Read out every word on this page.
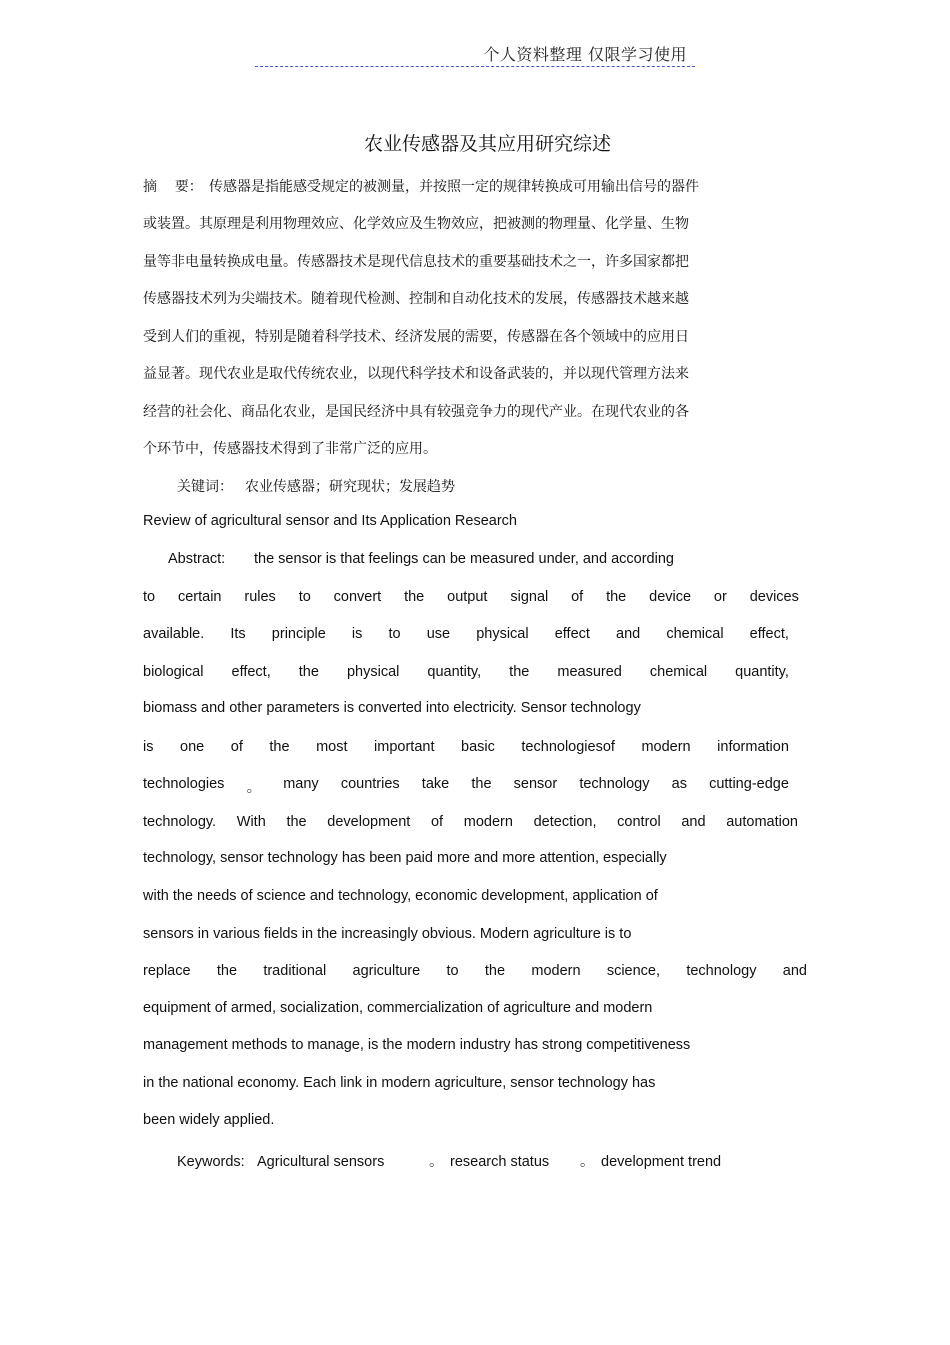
个人资料整理 仅限学习使用
农业传感器及其应用研究综述
摘    要： 传感器是指能感受规定的被测量，并按照一定的规律转换成可用输出信号的器件
或装置。其原理是利用物理效应、化学效应及生物效应，把被测的物理量、化学量、生物
量等非电量转换成电量。传感器技术是现代信息技术的重要基础技术之一，许多国家都把
传感器技术列为尖端技术。随着现代检测、控制和自动化技术的发展，传感器技术越来越
受到人们的重视，特别是随着科学技术、经济发展的需要，传感器在各个领域中的应用日
益显著。现代农业是取代传统农业，以现代科学技术和设备武装的，并以现代管理方法来
经营的社会化、商品化农业，是国民经济中具有较强竞争力的现代产业。在现代农业的各
个环节中，传感器技术得到了非常广泛的应用。
关键词： 农业传感器；研究现状；发展趋势
Review of agricultural sensor and Its Application Research
Abstract: the sensor is that feelings can be measured under, and according
to certain rules to convert the output signal of the device or devices
available. Its principle is to use physical effect and chemical effect,
biological effect, the physical quantity, the measured chemical quantity,
biomass and other parameters is converted into electricity. Sensor technology
is one of the most important basic technologiesof modern information
technologies 。 many countries take the sensor technology as cutting-edge
technology. With the development of modern detection, control and automation
technology, sensor technology has been paid more and more attention, especially
with the needs of science and technology, economic development, application of
sensors in various fields in the increasingly obvious. Modern agriculture is to
replace the traditional agriculture to the modern science, technology and
equipment of armed, socialization, commercialization of agriculture and modern
management methods to manage, is the modern industry has strong competitiveness
in the national economy. Each link in modern agriculture, sensor technology has
been widely applied.
Keywords: Agricultural sensors	。 research status 。 development trend
